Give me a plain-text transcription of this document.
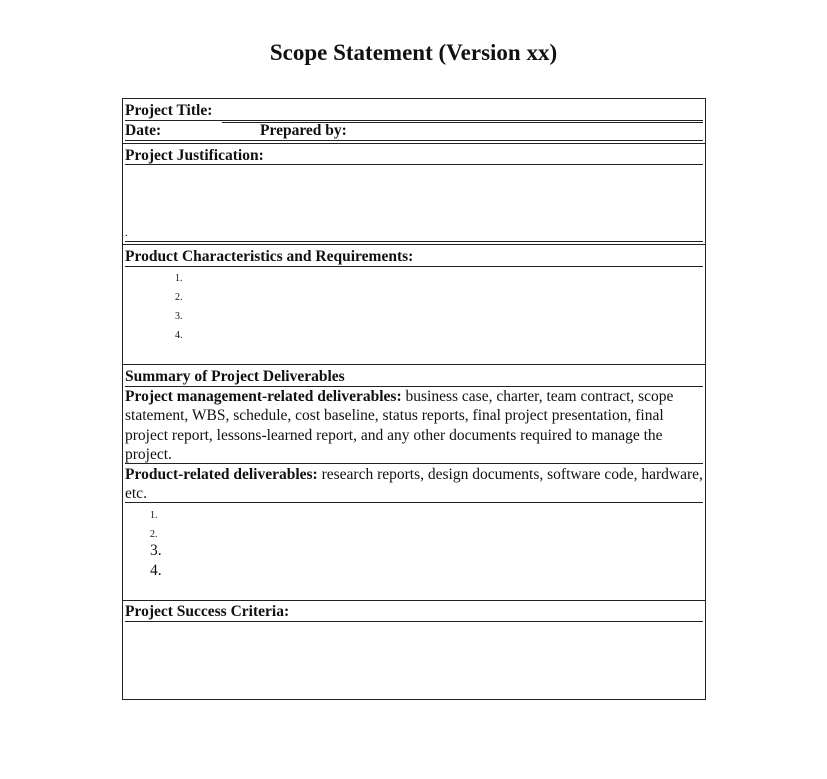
Scope Statement (Version xx)
Project Title:
Date:	Prepared by:
Project Justification:
.
Product Characteristics and Requirements:
1.
2.
3.
4.
Summary of Project Deliverables
Project management-related deliverables: business case, charter, team contract, scope statement, WBS, schedule, cost baseline, status reports, final project presentation, final project report, lessons-learned report, and any other documents required to manage the project.
Product-related deliverables: research reports, design documents, software code, hardware, etc.
1.
2.
3.
4.
Project Success Criteria:
